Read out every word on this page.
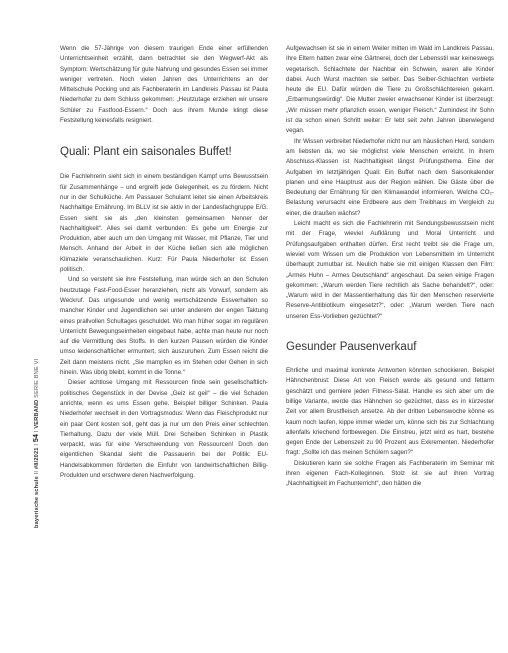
bayerische schule II #8/2021 I 54 I VERBAND SERIE BNE VI

Wenn die 57-Jährige von diesem traurigen Ende einer erfüllenden Unterrichtseinheit erzählt, dann betrachtet sie den Wegwerf-Akt als Symptom: Wertschätzung für gute Nahrung und gesundes Essen sei immer weniger vertreten. Noch vielen Jahren des Unterrichtens an der Mittelschule Pocking und als Fachberaterin im Landkreis Passau ist Paula Niederhofer zu dem Schluss gekommen: „Heutzutage erziehen wir unsere Schüler zu Fastfood-Essern.“ Doch aus ihrem Munde klingt diese Feststellung keinesfalls resigniert.

Quali: Plant ein saisonales Buffet!

Die Fachlehrerin sieht sich in einem beständigen Kampf ums Bewusstsein für Zusammenhänge – und ergreift jede Gelegenheit, es zu fördern. Nicht nur in der Schulküche. Am Passauer Schulamt leitet sie einen Arbeitskreis Nachhaltige Ernährung. Im BLLV ist sie aktiv in der Landesfachgruppe E/G. Essen sieht sie als „den kleinsten gemeinsamen Nenner der Nachhaltigkeit“. Alles sei damit verbunden: Es gehe um Energie zur Produktion, aber auch um den Umgang mit Wasser, mit Pflanze, Tier und Mensch. Anhand der Arbeit in der Küche ließen sich alle möglichen Klimaziele veranschaulichen. Kurz: Für Paula Niederhofer ist Essen politisch.

Und so versteht sie ihre Feststellung, man würde sich an den Schulen heutzutage Fast-Food-Esser heranziehen, nicht als Vorwurf, sondern als Weckruf. Das ungesunde und wenig wertschätzende Essverhalten so mancher Kinder und Jugendlichen sei unter anderem der engen Taktung eines prallvollen Schultages geschuldet. Wo man früher sogar im regulären Unterricht Bewegungseinheiten eingebaut habe, achte man heute nur noch auf die Vermittlung des Stoffs. In den kurzen Pausen würden die Kinder umso leidenschaftlicher ermuntert, sich auszuruhen. Zum Essen reicht die Zeit dann meistens nicht. „Sie mampfen es im Stehen oder Gehen in sich hinein. Was übrig bleibt, kommt in die Tonne.“

Dieser achtlose Umgang mit Ressourcen finde sein gesellschaftlich-politisches Gegenstück in der Devise „Geiz ist geil“ – die viel Schaden anrichte, wenn es ums Essen gehe. Beispiel billiger Schinken. Paula Niederhofer wechselt in den Vortragsmodus: Wenn das Fleischprodukt nur ein paar Cent kosten soll, geht das ja nur um den Preis einer schlechten Tierhaltung. Dazu der viele Müll. Drei Scheiben Schinken in Plastik verpackt, was für eine Verschwendung von Ressourcen! Doch den eigentlichen Skandal sieht die Passauerin bei der Politik: EU-Handelsabkommen förderten die Einfuhr von landwirtschaftlichen Billig-Produkten und erschwere deren Nachverfolgung.

Aufgewachsen ist sie in einem Weiler mitten im Wald im Landkreis Passau. Ihre Eltern hatten zwar eine Gärtnerei, doch der Lebensstil war keineswegs vegetarisch. Schlachtete der Nachbar ein Schwein, waren alle Kinder dabei. Auch Wurst machten sie selber. Das Selber-Schlachten verbiete heute die EU. Dafür würden die Tiere zu Großschlächtereien gekarrt. „Erbarmungswürdig“. Die Mutter zweier erwachsener Kinder ist überzeugt: „Wir müssen mehr pflanzlich essen, weniger Fleisch.“ Zumindest ihr Sohn ist da schon einen Schritt weiter: Er lebt seit zehn Jahren überwiegend vegan.

Ihr Wissen verbreitet Niederhofer nicht nur am häuslichen Herd, sondern am liebsten da, wo sie möglichst viele Menschen erreicht. In ihrem Abschluss-Klassen ist Nachhaltigkeit längst Prüfungsthema. Eine der Aufgaben im letztjährigen Quali: Ein Buffet nach dem Saisonkalender planen und eine Hauptrust aus der Region wählen. Die Gäste über die Bedeutung der Ernährung für den Klimawandel informieren. Welche CO₂-Belastung verursacht eine Erdbeere aus dem Treibhaus im Vergleich zu einer, die draußen wächst?

Leicht macht es sich die Fachlehrerin mit Sendungsbewusstsein nicht mit der Frage, wieviel Aufklärung und Moral Unterricht und Prüfungsaufgaben enthalten dürfen. Erst recht treibt sie die Frage um, wieviel vom Wissen um die Produktion von Lebensmitteln im Unterricht überhaupt zumutbar ist. Neulich habe sie mit einigen Klassen den Film: „Armes Huhn – Armes Deutschland“ angeschaut. Da seien einige Fragen gekommen: „Warum werden Tiere rechtlich als Sache behandelt?“, oder: „Warum wird in der Massentierhaltung das für den Menschen reservierte Reserve-Antibiotikum eingesetzt?“, oder: „Warum werden Tiere nach unseren Ess-Vorlieben gezüchtet?“

Gesunder Pausenverkauf

Ehrliche und maximal konkrete Antworten könnten schockieren. Beispiel Hähnchenbrust: Diese Art von Fleisch werde als gesund und fettarm geschätzt und gerniere jeden Fitness-Salat. Handle es sich aber um die billige Variante, werde das Hähnchen so gezüchtet, dass es in kürzester Zeit vor allem Brustfleisch ansetze. Ab der dritten Lebenswoche könne es kaum noch laufen, kippe immer wieder um, könne sich bis zur Schlachtung allenfalls kriechend fortbewegen. Die Einstreu, jetzt wird es hart, bestehe gegen Ende der Lebenszeit zu 90 Prozent aus Exkrementen. Niederhofer fragt: „Sollte ich das meinen Schülern sagen?“

Diskutieren kann sie solche Fragen als Fachberaterin im Seminar mit ihren eigenen Fach-Kolleginnen. Stolz ist sie auf ihren Vortrag „Nachhaltigkeit im Fachunterricht“, den hätten die
